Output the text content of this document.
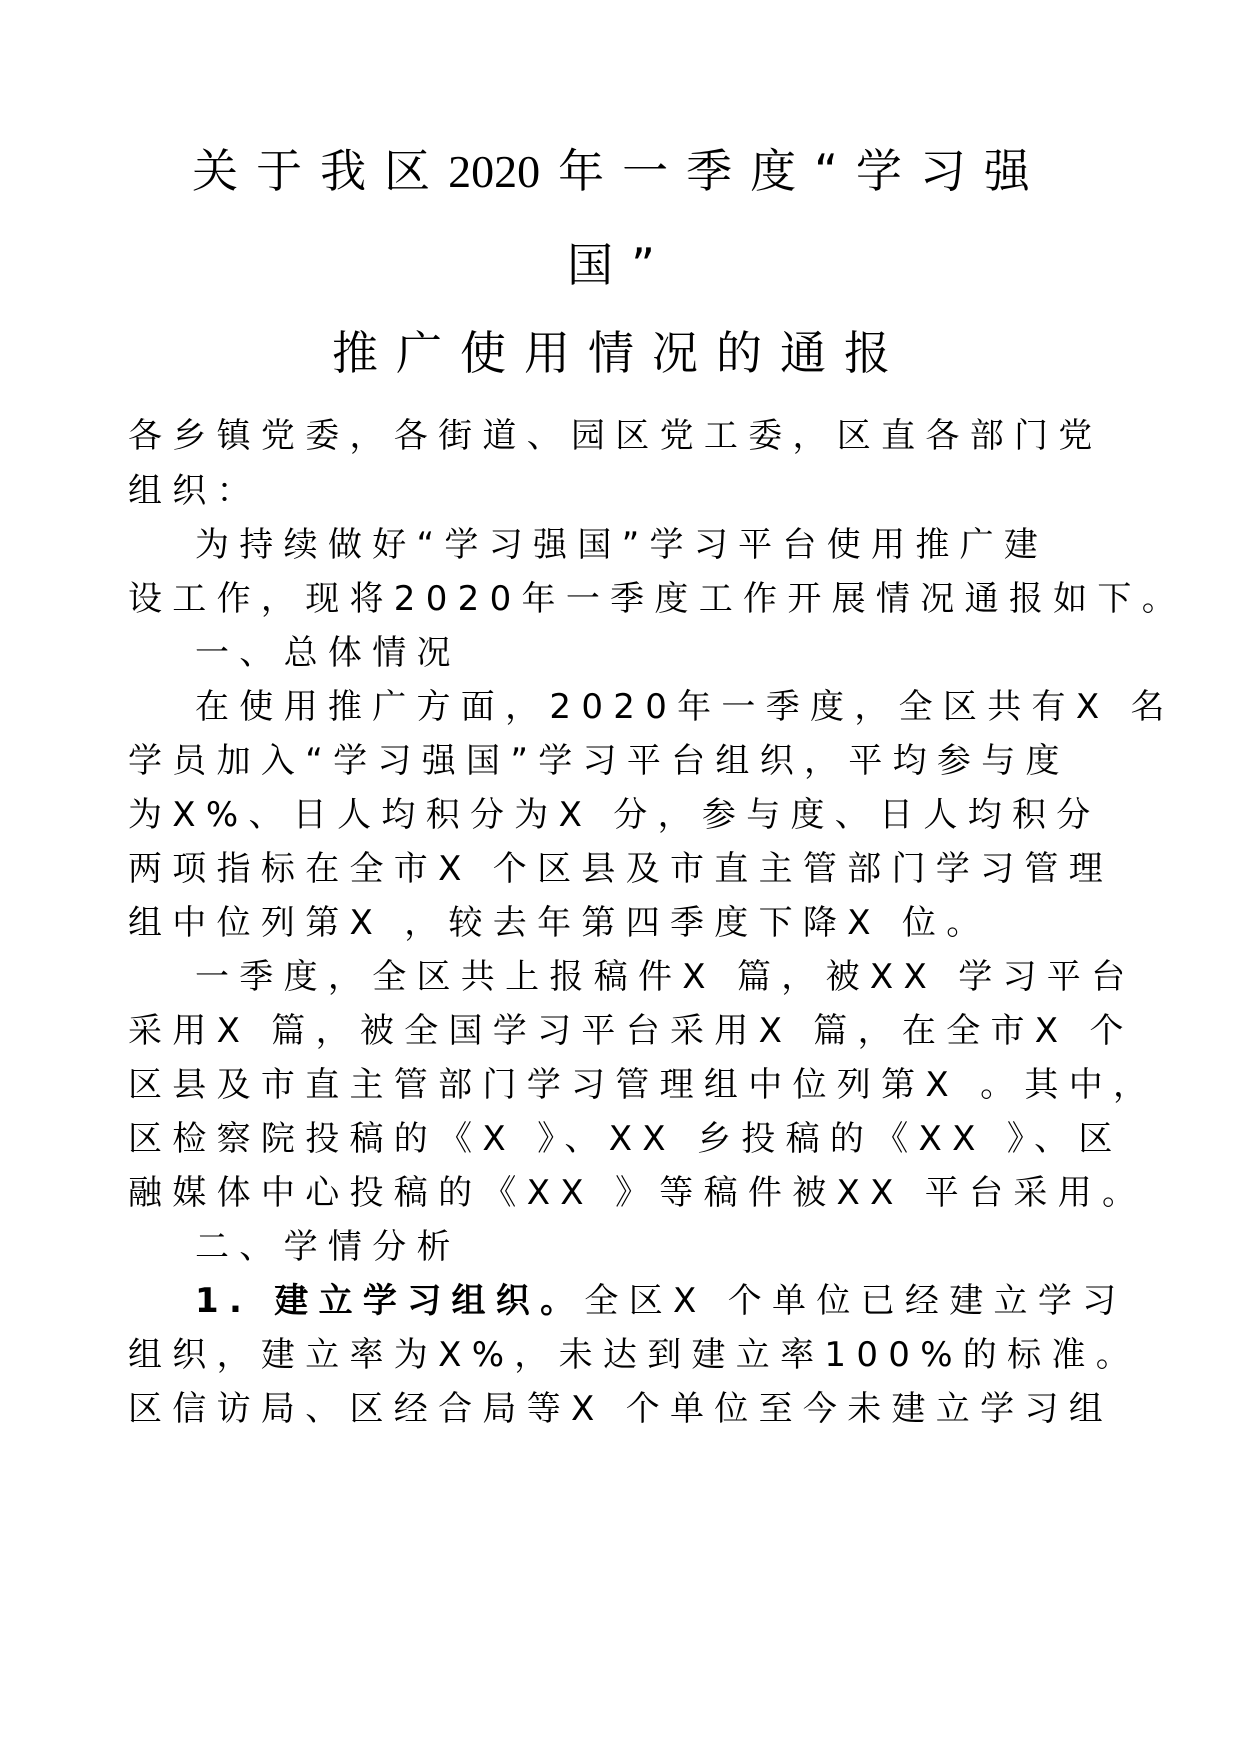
关于我区2020 年一季度“学习强
国”
推广使用情况的通报
各乡镇党委，各街道、园区党工委，区直各部门党
组织：
为持续做好“学习强国”学习平台使用推广建
设工作，现将2020年一季度工作开展情况通报如下。
一、总体情况
在使用推广方面，2020年一季度，全区共有X 名
学员加入“学习强国”学习平台组织，平均参与度
为X%、日人均积分为X 分，参与度、日人均积分
两项指标在全市X 个区县及市直主管部门学习管理
组中位列第X ，较去年第四季度下降X 位。
一季度，全区共上报稿件X 篇，被XX 学习平台
采用X 篇，被全国学习平台采用X 篇，在全市X 个
区县及市直主管部门学习管理组中位列第X 。其中，
区检察院投稿的《X 》、XX 乡投稿的《XX 》、区
融媒体中心投稿的《XX 》等稿件被XX 平台采用。
二、学情分析
1. 建立学习组织。全区X 个单位已经建立学习
组织，建立率为X%，未达到建立率100%的标准。
区信访局、区经合局等X 个单位至今未建立学习组
